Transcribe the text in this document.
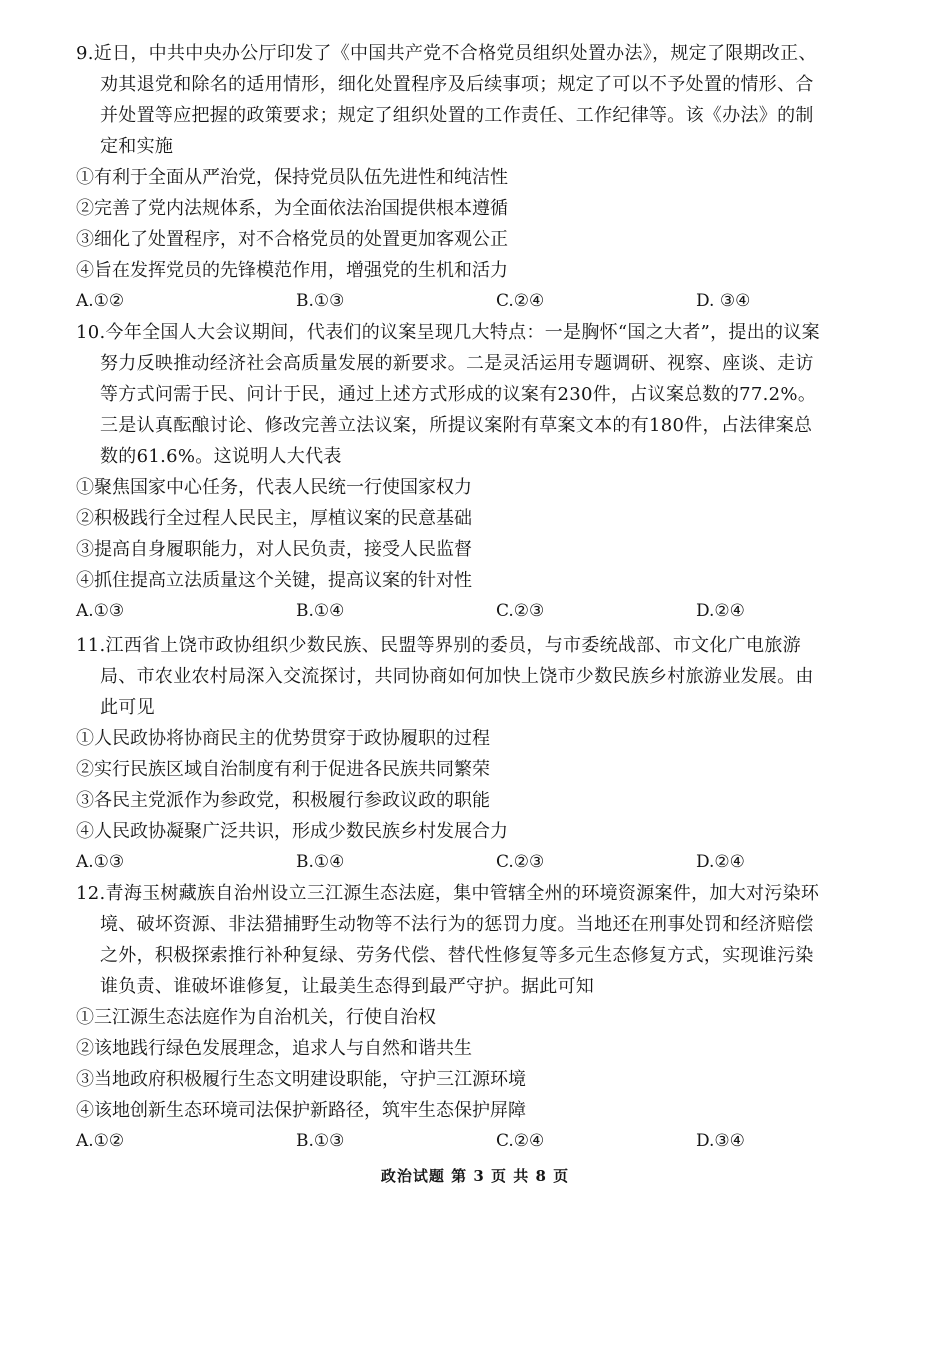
9.近日，中共中央办公厅印发了《中国共产党不合格党员组织处置办法》，规定了限期改正、劝其退党和除名的适用情形，细化处置程序及后续事项；规定了可以不予处置的情形、合并处置等应把握的政策要求；规定了组织处置的工作责任、工作纪律等。该《办法》的制定和实施
①有利于全面从严治党，保持党员队伍先进性和纯洁性
②完善了党内法规体系，为全面依法治国提供根本遵循
③细化了处置程序，对不合格党员的处置更加客观公正
④旨在发挥党员的先锋模范作用，增强党的生机和活力
A.①②	B.①③	C.②④	D. ③④
10.今年全国人大会议期间，代表们的议案呈现几大特点：一是胸怀“国之大者”，提出的议案努力反映推动经济社会高质量发展的新要求。二是灵活运用专题调研、视察、座谈、走访等方式问需于民、问计于民，通过上述方式形成的议案有230件，占议案总数的77.2%。三是认真酝酿讨论、修改完善立法议案，所提议案附有草案文本的有180件，占法律案总数的61.6%。这说明人大代表
①聚焦国家中心任务，代表人民统一行使国家权力
②积极践行全过程人民民主，厚植议案的民意基础
③提高自身履职能力，对人民负责，接受人民监督
④抓住提高立法质量这个关键，提高议案的针对性
A.①③	B.①④	C.②③	D.②④
11.江西省上饶市政协组织少数民族、民盟等界别的委员，与市委统战部、市文化广电旅游局、市农业农村局深入交流探讨，共同协商如何加快上饶市少数民族乡村旅游业发展。由此可见
①人民政协将协商民主的优势贯穿于政协履职的过程
②实行民族区域自治制度有利于促进各民族共同繁荣
③各民主党派作为参政党，积极履行参政议政的职能
④人民政协凝聚广泛共识，形成少数民族乡村发展合力
A.①③	B.①④	C.②③	D.②④
12.青海玉树藏族自治州设立三江源生态法庭，集中管辖全州的环境资源案件，加大对污染环境、破坏资源、非法猎捕野生动物等不法行为的惩罚力度。当地还在刑事处罚和经济赔偿之外，积极探索推行补种复绿、劳务代偿、替代性修复等多元生态修复方式，实现谁污染谁负责、谁破坏谁修复，让最美生态得到最严守护。据此可知
①三江源生态法庭作为自治机关，行使自治权
②该地践行绿色发展理念，追求人与自然和谐共生
③当地政府积极履行生态文明建设职能，守护三江源环境
④该地创新生态环境司法保护新路径，筑牢生态保护屏障
A.①②	B.①③	C.②④	D.③④
政治试题 第 3 页 共 8 页
